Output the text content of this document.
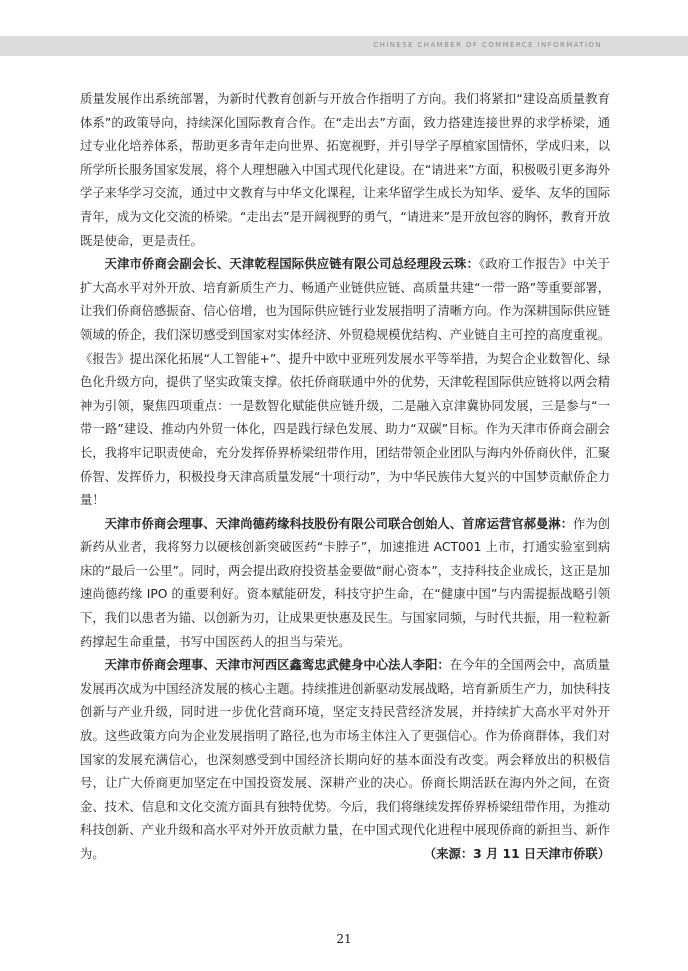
CHINESE CHAMBER OF COMMERCE INFORMATION

质量发展作出系统部署，为新时代教育创新与开放合作指明了方向。我们将紧扣“建设高质量教育体系”的政策导向，持续深化国际教育合作。在“走出去”方面，致力搭建连接世界的求学桥梁，通过专业化培养体系，帮助更多青年走向世界、拓宽视野，并引导学子厚植家国情怀，学成归来，以所学所长服务国家发展，将个人理想融入中国式现代化建设。在“请进来”方面，积极吸引更多海外学子来华学习交流，通过中文教育与中华文化课程，让来华留学生成长为知华、爱华、友华的国际青年，成为文化交流的桥梁。“走出去”是开阔视野的勇气，“请进来”是开放包容的胸怀，教育开放既是使命，更是责任。

天津市侨商会副会长、天津乾程国际供应链有限公司总经理段云珠：《政府工作报告》中关于扩大高水平对外开放、培育新质生产力、畅通产业链供应链、高质量共建“一带一路”等重要部署，让我们侨商倍感振奋、信心倍增，也为国际供应链行业发展指明了清晰方向。作为深耕国际供应链领域的侨企，我们深切感受到国家对实体经济、外贸稳规模优结构、产业链自主可控的高度重视。《报告》提出深化拓展“人工智能+”、提升中欧中亚班列发展水平等举措，为契合企业数智化、绿色化升级方向，提供了坚实政策支撑。依托侨商联通中外的优势，天津乾程国际供应链将以两会精神为引领，聚焦四项重点：一是数智化赋能供应链升级，二是融入京津冀协同发展，三是参与“一带一路”建设、推动内外贸一体化，四是践行绿色发展、助力“双碳”目标。作为天津市侨商会副会长，我将牢记职责使命，充分发挥侨界桥梁纽带作用，团结带领企业团队与海内外侨商伙伴，汇聚侨智、发挥侨力，积极投身天津高质量发展“十项行动”，为中华民族伟大复兴的中国梦贡献侨企力量！

天津市侨商会理事、天津尚德药缘科技股份有限公司联合创始人、首席运营官郝曼淋：作为创新药从业者，我将努力以硬核创新突破医药“卡脖子”，加速推进 ACT001 上市，打通实验室到病床的“最后一公里”。同时，两会提出政府投资基金要做“耐心资本”，支持科技企业成长，这正是加速尚德药缘 IPO 的重要利好。资本赋能研发，科技守护生命，在“健康中国”与内需提振战略引领下，我们以患者为锚、以创新为刃，让成果更快惠及民生。与国家同频，与时代共振，用一粒粒新药撑起生命重量，书写中国医药人的担当与荣光。

天津市侨商会理事、天津市河西区鑫鸾忠武健身中心法人李阳：在今年的全国两会中，高质量发展再次成为中国经济发展的核心主题。持续推进创新驱动发展战略，培育新质生产力，加快科技创新与产业升级，同时进一步优化营商环境，坚定支持民营经济发展，并持续扩大高水平对外开放。这些政策方向为企业发展指明了路径,也为市场主体注入了更强信心。作为侨商群体，我们对国家的发展充满信心，也深刻感受到中国经济长期向好的基本面没有改变。两会释放出的积极信号，让广大侨商更加坚定在中国投资发展、深耕产业的决心。侨商长期活跃在海内外之间，在资金、技术、信息和文化交流方面具有独特优势。今后，我们将继续发挥侨界桥梁纽带作用，为推动科技创新、产业升级和高水平对外开放贡献力量，在中国式现代化进程中展现侨商的新担当、新作为。	（来源：3 月 11 日天津市侨联）
21
